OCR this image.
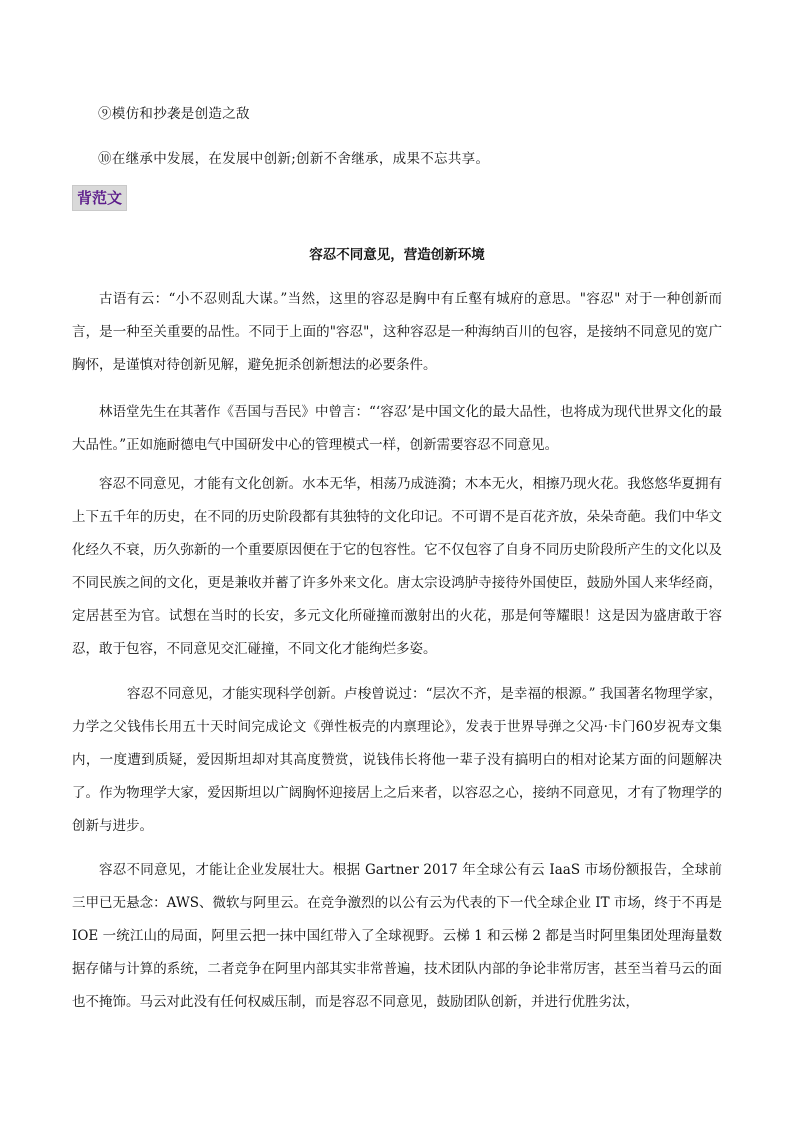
⑨模仿和抄袭是创造之敌
⑩在继承中发展，在发展中创新;创新不舍继承，成果不忘共享。
背范文
容忍不同意见，营造创新环境

古语有云：“小不忍则乱大谋。”当然，这里的容忍是胸中有丘壑有城府的意思。"容忍" 对于一种创新而言，是一种至关重要的品性。不同于上面的"容忍"，这种容忍是一种海纳百川的包容，是接纳不同意见的宽广胸怀，是谨慎对待创新见解，避免扼杀创新想法的必要条件。

林语堂先生在其著作《吾国与吾民》中曾言：“‘容忍’是中国文化的最大品性，也将成为现代世界文化的最大品性。”正如施耐德电气中国研发中心的管理模式一样，创新需要容忍不同意见。

容忍不同意见，才能有文化创新。水本无华，相荡乃成涟漪；木本无火，相擦乃现火花。我悠悠华夏拥有上下五千年的历史，在不同的历史阶段都有其独特的文化印记。不可谓不是百花齐放，朵朵奇葩。我们中华文化经久不衰，历久弥新的一个重要原因便在于它的包容性。它不仅包容了自身不同历史阶段所产生的文化以及不同民族之间的文化，更是兼收并蓄了许多外来文化。唐太宗设鸿胪寺接待外国使臣，鼓励外国人来华经商，定居甚至为官。试想在当时的长安，多元文化所碰撞而激射出的火花，那是何等耀眼！这是因为盛唐敢于容忍，敢于包容，不同意见交汇碰撞，不同文化才能绚烂多姿。

容忍不同意见，才能实现科学创新。卢梭曾说过：“层次不齐，是幸福的根源。” 我国著名物理学家，力学之父钱伟长用五十天时间完成论文《弹性板壳的内禀理论》，发表于世界导弹之父冯·卡门60岁祝寿文集内，一度遭到质疑，爱因斯坦却对其高度赞赏，说钱伟长将他一辈子没有搞明白的相对论某方面的问题解决了。作为物理学大家，爱因斯坦以广阔胸怀迎接居上之后来者，以容忍之心，接纳不同意见，才有了物理学的创新与进步。

容忍不同意见，才能让企业发展壮大。根据 Gartner 2017 年全球公有云 IaaS 市场份额报告，全球前三甲已无悬念：AWS、微软与阿里云。在竞争激烈的以公有云为代表的下一代全球企业 IT 市场，终于不再是 IOE 一统江山的局面，阿里云把一抹中国红带入了全球视野。云梯 1 和云梯 2 都是当时阿里集团处理海量数据存储与计算的系统，二者竞争在阿里内部其实非常普遍，技术团队内部的争论非常厉害，甚至当着马云的面也不掩饰。马云对此没有任何权威压制，而是容忍不同意见，鼓励团队创新，并进行优胜劣汰，
